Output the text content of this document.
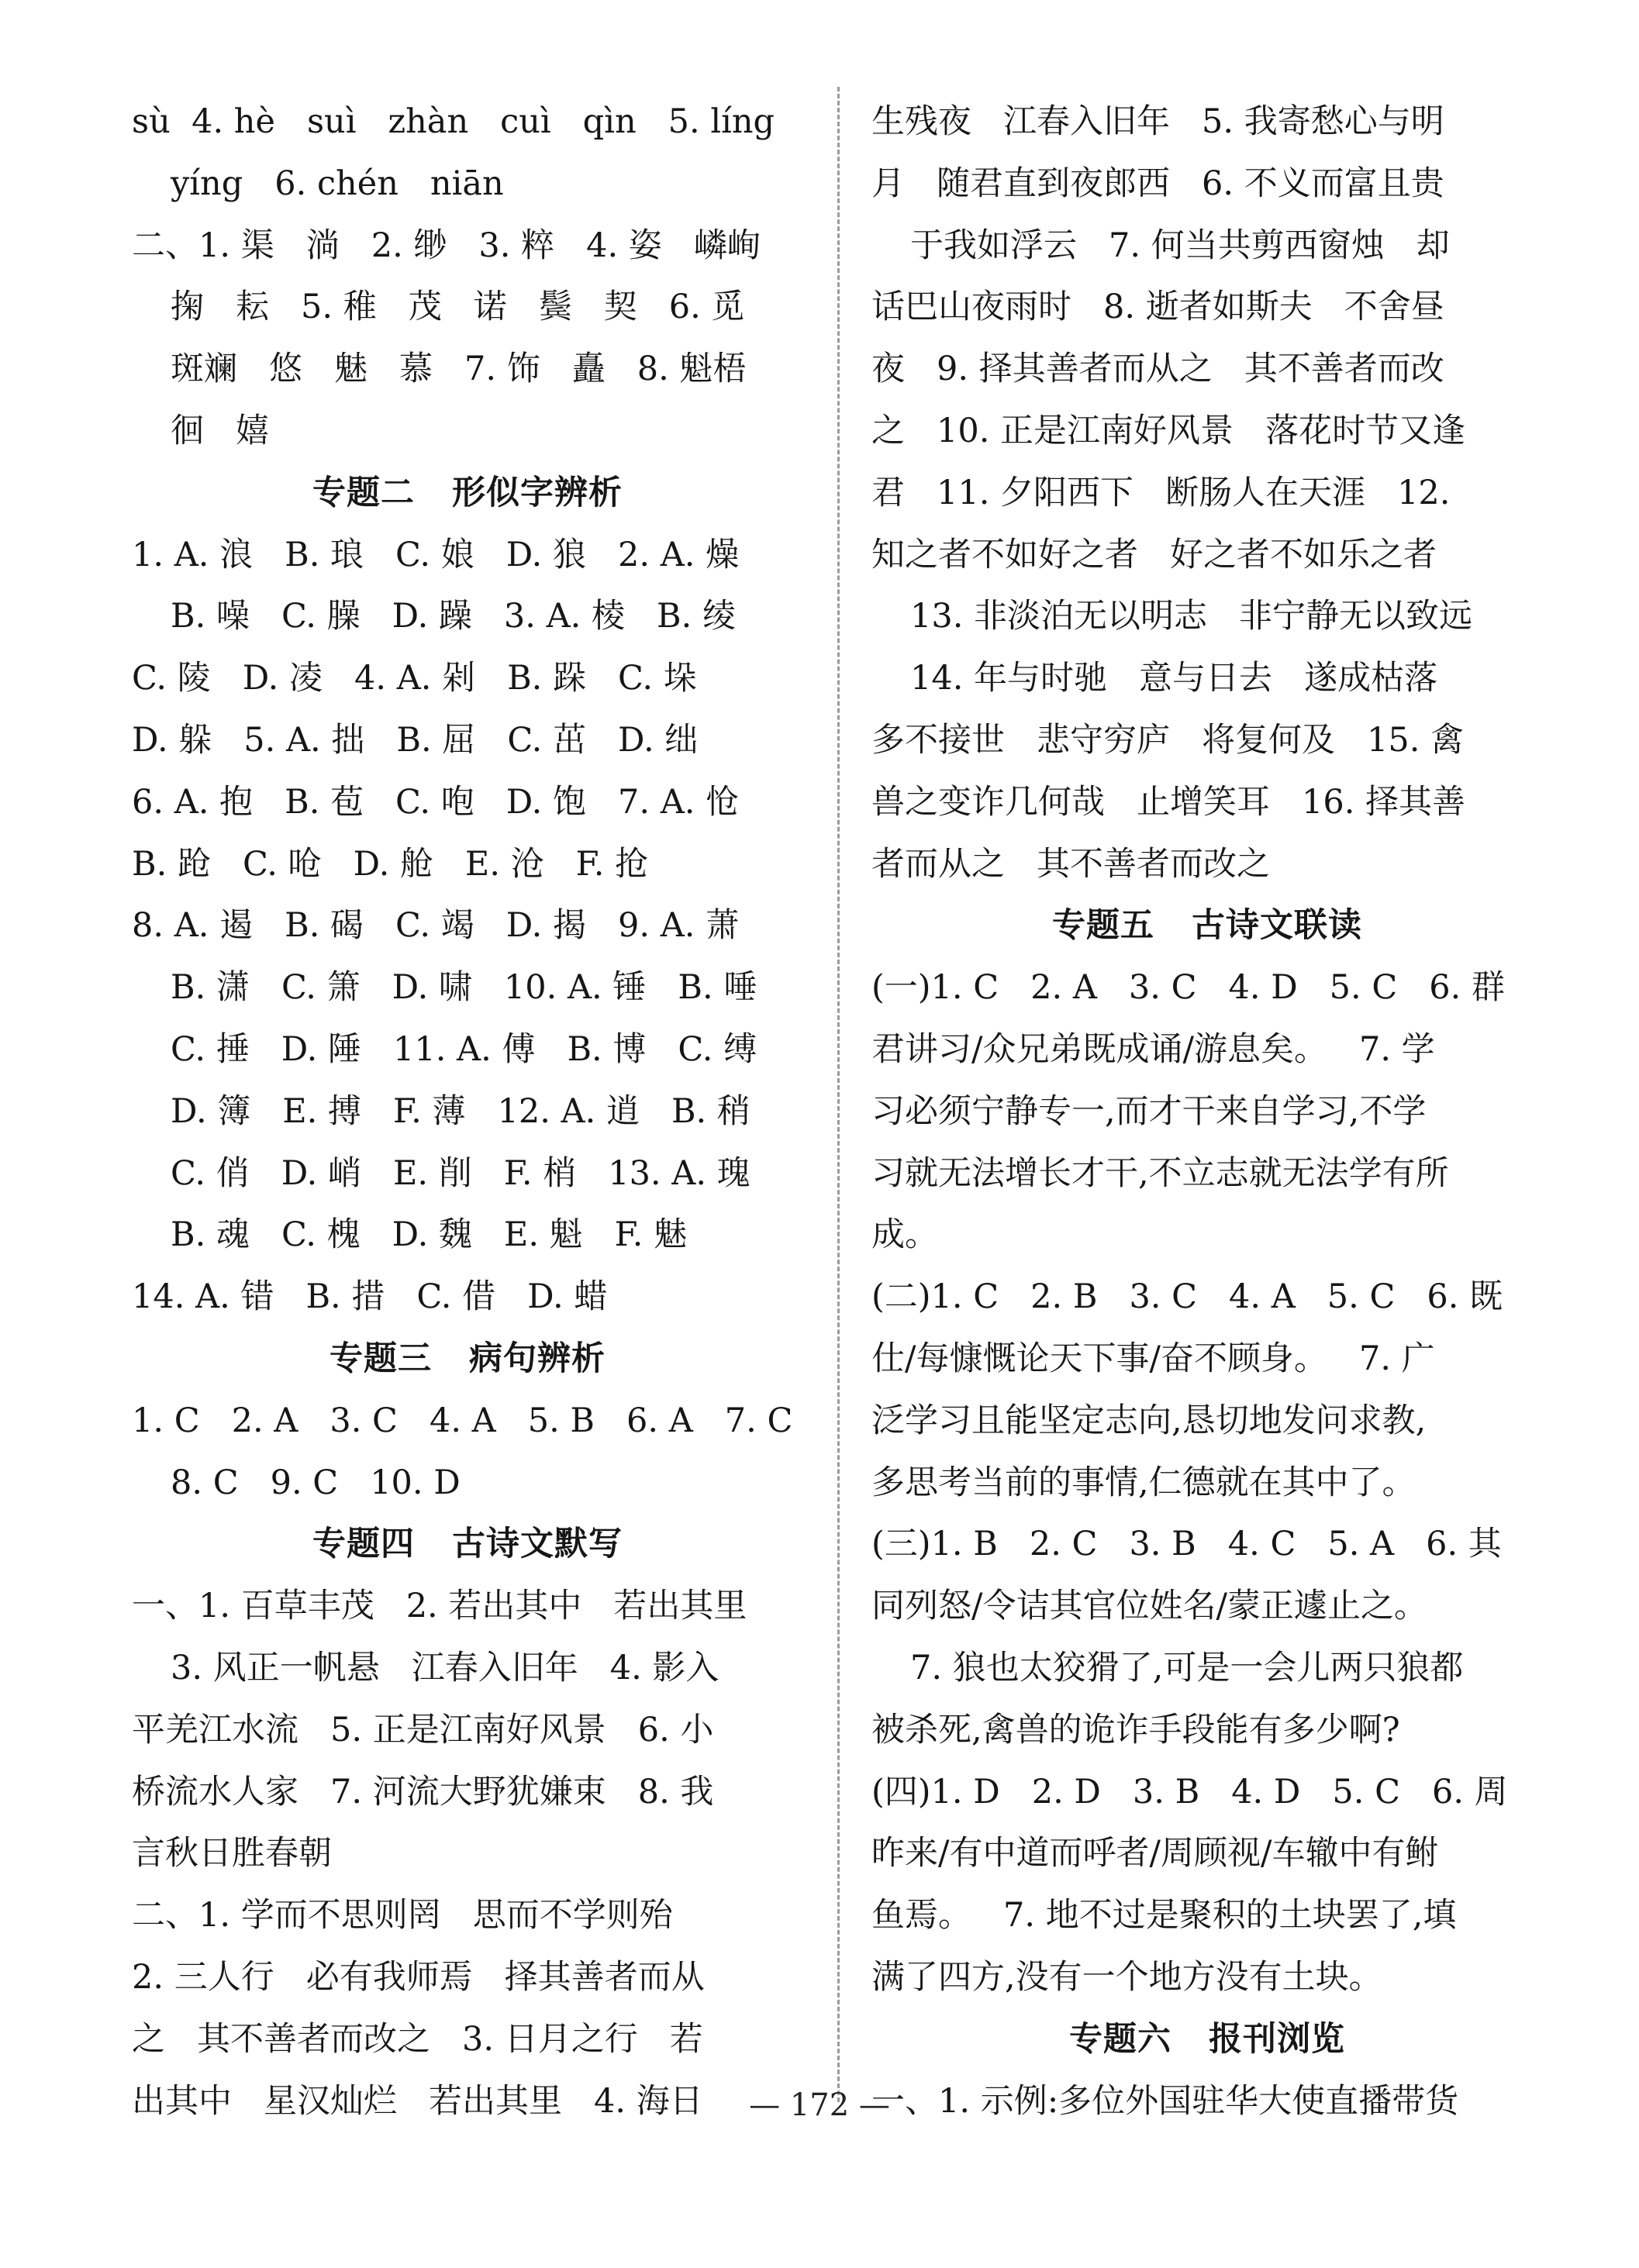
sù  4. hè   suì   zhàn   cuì   qìn   5. líng
yíng   6. chén   niān
二、1. 渠   淌   2. 缈   3. 粹   4. 姿   嶙峋
掬   耘   5. 稚   茂   诺   鬓   契   6. 觅
斑斓   悠   魅   慕   7. 饰   矗   8. 魁梧
徊   嬉
专题二   形似字辨析
1. A. 浪   B. 琅   C. 娘   D. 狼   2. A. 燥
B. 噪   C. 臊   D. 躁   3. A. 棱   B. 绫
C. 陵   D. 凌   4. A. 剁   B. 跺   C. 垛
D. 躲   5. A. 拙   B. 屈   C. 茁   D. 绌
6. A. 抱   B. 苞   C. 咆   D. 饱   7. A. 怆
B. 跄   C. 呛   D. 舱   E. 沧   F. 抢
8. A. 遏   B. 碣   C. 竭   D. 揭   9. A. 萧
B. 潇   C. 箫   D. 啸   10. A. 锤   B. 唾
C. 捶   D. 陲   11. A. 傅   B. 博   C. 缚
D. 簿   E. 搏   F. 薄   12. A. 逍   B. 稍
C. 俏   D. 峭   E. 削   F. 梢   13. A. 瑰
B. 魂   C. 槐   D. 魏   E. 魁   F. 魅
14. A. 错   B. 措   C. 借   D. 蜡
专题三   病句辨析
1. C   2. A   3. C   4. A   5. B   6. A   7. C
8. C   9. C   10. D
专题四   古诗文默写
一、1. 百草丰茂   2. 若出其中   若出其里
3. 风正一帆悬   江春入旧年   4. 影入
平羌江水流   5. 正是江南好风景   6. 小
桥流水人家   7. 河流大野犹嫌束   8. 我
言秋日胜春朝
二、1. 学而不思则罔   思而不学则殆
2. 三人行   必有我师焉   择其善者而从
之   其不善者而改之   3. 日月之行   若
出其中   星汉灿烂   若出其里   4. 海日
生残夜   江春入旧年   5. 我寄愁心与明
月   随君直到夜郎西   6. 不义而富且贵
于我如浮云   7. 何当共剪西窗烛   却
话巴山夜雨时   8. 逝者如斯夫   不舍昼
夜   9. 择其善者而从之   其不善者而改
之   10. 正是江南好风景   落花时节又逢
君   11. 夕阳西下   断肠人在天涯   12.
知之者不如好之者   好之者不如乐之者
13. 非淡泊无以明志   非宁静无以致远
14. 年与时驰   意与日去   遂成枯落
多不接世   悲守穷庐   将复何及   15. 禽
兽之变诈几何哉   止增笑耳   16. 择其善
者而从之   其不善者而改之
专题五   古诗文联读
(一)1. C   2. A   3. C   4. D   5. C   6. 群
君讲习/众兄弟既成诵/游息矣。   7. 学
习必须宁静专一,而才干来自学习,不学
习就无法增长才干,不立志就无法学有所
成。
(二)1. C   2. B   3. C   4. A   5. C   6. 既
仕/每慷慨论天下事/奋不顾身。   7. 广
泛学习且能坚定志向,恳切地发问求教,
多思考当前的事情,仁德就在其中了。
(三)1. B   2. C   3. B   4. C   5. A   6. 其
同列怒/令诘其官位姓名/蒙正遽止之。
7. 狼也太狡猾了,可是一会儿两只狼都
被杀死,禽兽的诡诈手段能有多少啊?
(四)1. D   2. D   3. B   4. D   5. C   6. 周
昨来/有中道而呼者/周顾视/车辙中有鲋
鱼焉。   7. 地不过是聚积的土块罢了,填
满了四方,没有一个地方没有土块。
专题六   报刊浏览
一、1. 示例:多位外国驻华大使直播带货
— 172 —
